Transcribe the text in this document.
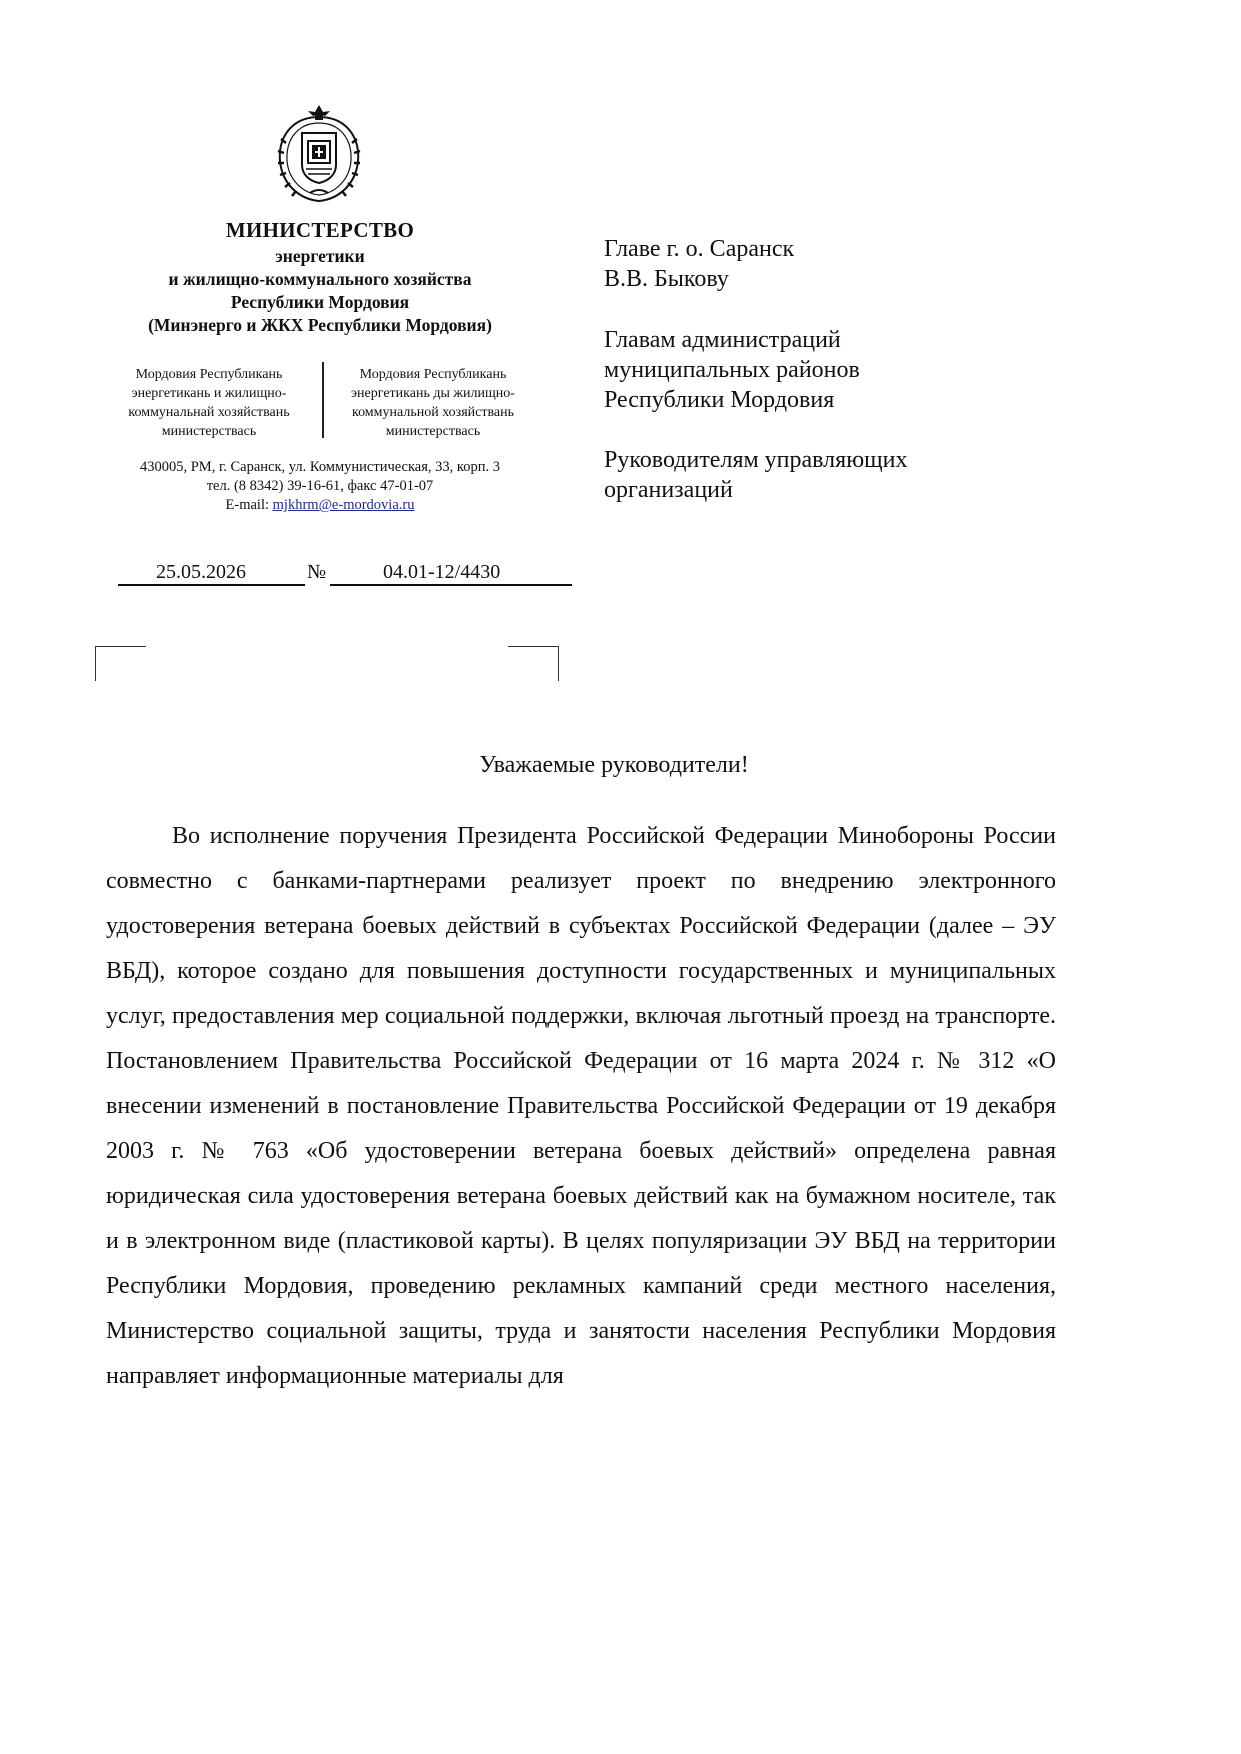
МИНИСТЕРСТВО
энергетики
и жилищно-коммунального хозяйства
Республики Мордовия
(Минэнерго и ЖКХ Республики Мордовия)
Мордовия Республикань
энергетикань и жилищно-
коммунальнай хозяйствань
министерствась
Мордовия Республикань
энергетикань ды жилищно-
коммунальной хозяйствань
министерствась
430005, РМ, г. Саранск, ул. Коммунистическая, 33, корп. 3
тел. (8 8342) 39-16-61, факс 47-01-07
E-mail: mjkhrm@e-mordovia.ru
25.05.2026	№	04.01-12/4430
Главе г. о. Саранск
В.В. Быкову
Главам администраций
муниципальных районов
Республики Мордовия
Руководителям управляющих
организаций
Уважаемые руководители!

Во исполнение поручения Президента Российской Федерации Минобороны России совместно с банками-партнерами реализует проект по внедрению электронного удостоверения ветерана боевых действий в субъектах Российской Федерации (далее – ЭУ ВБД), которое создано для повышения доступности государственных и муниципальных услуг, предоставления мер социальной поддержки, включая льготный проезд на транспорте. Постановлением Правительства Российской Федерации от 16 марта 2024 г. № 312 «О внесении изменений в постановление Правительства Российской Федерации от 19 декабря 2003 г. № 763 «Об удостоверении ветерана боевых действий» определена равная юридическая сила удостоверения ветерана боевых действий как на бумажном носителе, так и в электронном виде (пластиковой карты). В целях популяризации ЭУ ВБД на территории Республики Мордовия, проведению рекламных кампаний среди местного населения, Министерство социальной защиты, труда и занятости населения Республики Мордовия направляет информационные материалы для
